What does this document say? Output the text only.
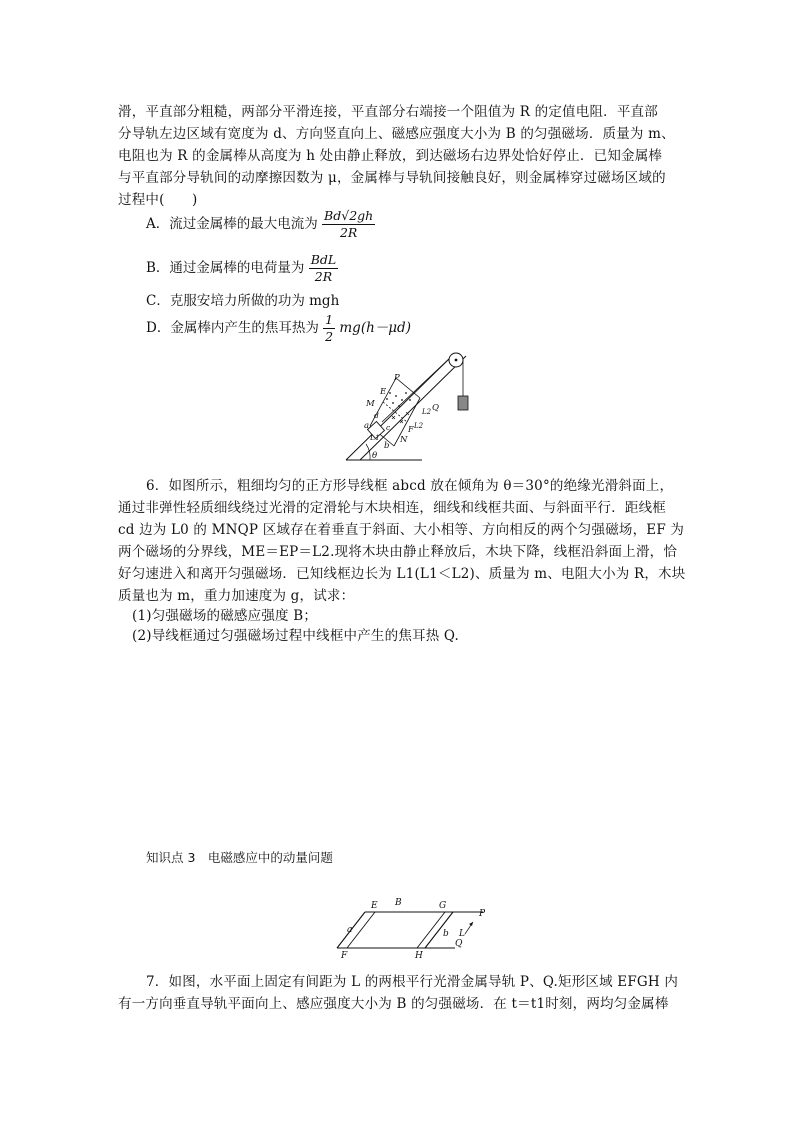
滑，平直部分粗糙，两部分平滑连接，平直部分右端接一个阻值为 R 的定值电阻．平直部
分导轨左边区域有宽度为 d、方向竖直向上、磁感应强度大小为 B 的匀强磁场．质量为 m、
电阻也为 R 的金属棒从高度为 h 处由静止释放，到达磁场右边界处恰好停止．已知金属棒
与平直部分导轨间的动摩擦因数为 μ，金属棒与导轨间接触良好，则金属棒穿过磁场区域的
过程中(　　)
A．流过金属棒的最大电流为 $\frac{Bd√2gh}{2R}$
B．通过金属棒的电荷量为 $\frac{\text{BdL}}{2R}$
C．克服安培力所做的功为 mgh
D．金属棒内产生的焦耳热为 $\frac{1}{2} mg(h-\mu d)$
P
E
M
a
d
c
L1
b
N
F
L2
L2
Q
θ
6．如图所示，粗细均匀的正方形导线框 abcd 放在倾角为 θ＝30°的绝缘光滑斜面上，
通过非弹性轻质细线绕过光滑的定滑轮与木块相连，细线和线框共面、与斜面平行．距线框
cd 边为 L0 的 MNQP 区域存在着垂直于斜面、大小相等、方向相反的两个匀强磁场，EF 为
两个磁场的分界线，ME＝EP＝L2.现将木块由静止释放后，木块下降，线框沿斜面上滑，恰
好匀速进入和离开匀强磁场．已知线框边长为 L1(L1＜L2)、质量为 m、电阻大小为 R，木块
质量也为 m，重力加速度为 g，试求：
(1)匀强磁场的磁感应强度 B；
(2)导线框通过匀强磁场过程中线框中产生的焦耳热 Q.
知识点 3　电磁感应中的动量问题
E B	G
P
a	b L
Q
F	H
7．如图，水平面上固定有间距为 L 的两根平行光滑金属导轨 P、Q.矩形区域 EFGH 内
有一方向垂直导轨平面向上、感应强度大小为 B 的匀强磁场．在 t＝t1时刻，两均匀金属棒
